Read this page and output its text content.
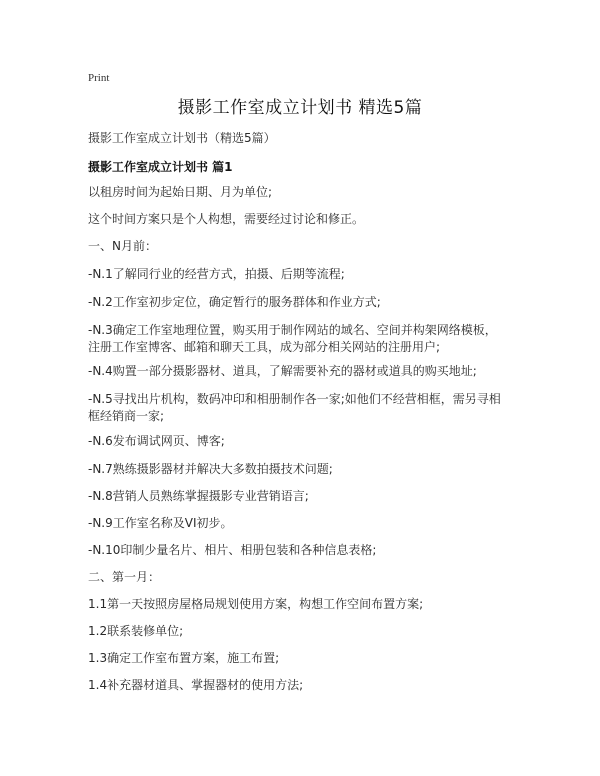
Print
摄影工作室成立计划书 精选5篇
摄影工作室成立计划书（精选5篇）
摄影工作室成立计划书 篇1
以租房时间为起始日期、月为单位;
这个时间方案只是个人构想，需要经过讨论和修正。
一、N月前：
-N.1了解同行业的经营方式，拍摄、后期等流程;
-N.2工作室初步定位，确定暂行的服务群体和作业方式;
-N.3确定工作室地理位置，购买用于制作网站的域名、空间并构架网络模板，注册工作室博客、邮箱和聊天工具，成为部分相关网站的注册用户;
-N.4购置一部分摄影器材、道具，了解需要补充的器材或道具的购买地址;
-N.5寻找出片机构，数码冲印和相册制作各一家;如他们不经营相框，需另寻相框经销商一家;
-N.6发布调试网页、博客;
-N.7熟练摄影器材并解决大多数拍摄技术问题;
-N.8营销人员熟练掌握摄影专业营销语言;
-N.9工作室名称及VI初步。
-N.10印制少量名片、相片、相册包装和各种信息表格;
二、第一月：
1.1第一天按照房屋格局规划使用方案，构想工作空间布置方案;
1.2联系装修单位;
1.3确定工作室布置方案，施工布置;
1.4补充器材道具、掌握器材的使用方法;
